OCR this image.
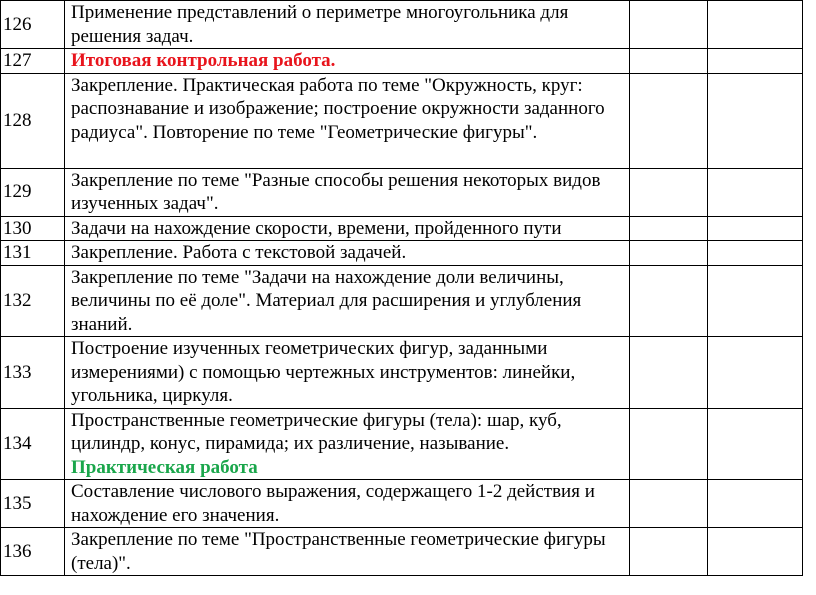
126	Применение представлений о периметре многоугольника для решения задач.		
127	Итоговая контрольная работа.		

128	Закрепление. Практическая работа по теме "Окружность, круг: распознавание и изображение; построение окружности заданного радиуса". Повторение по теме "Геометрические фигуры".		
129	Закрепление по теме "Разные способы решения некоторых видов изученных задач".		
130	Задачи на нахождение скорости, времени, пройденного пути		
131	Закрепление. Работа с текстовой задачей.		
132	Закрепление по теме "Задачи на нахождение доли величины, величины по её доле". Материал для расширения и углубления знаний.		
133	Построение изученных геометрических фигур, заданными измерениями) с помощью чертежных инструментов: линейки, угольника, циркуля.		
134	Пространственные геометрические фигуры (тела): шар, куб, цилиндр, конус, пирамида; их различение, называние.
Практическая работа		

135	Составление числового выражения, содержащего 1-2 действия и нахождение его значения.		
136	Закрепление по теме "Пространственные геометрические фигуры (тела)".		
